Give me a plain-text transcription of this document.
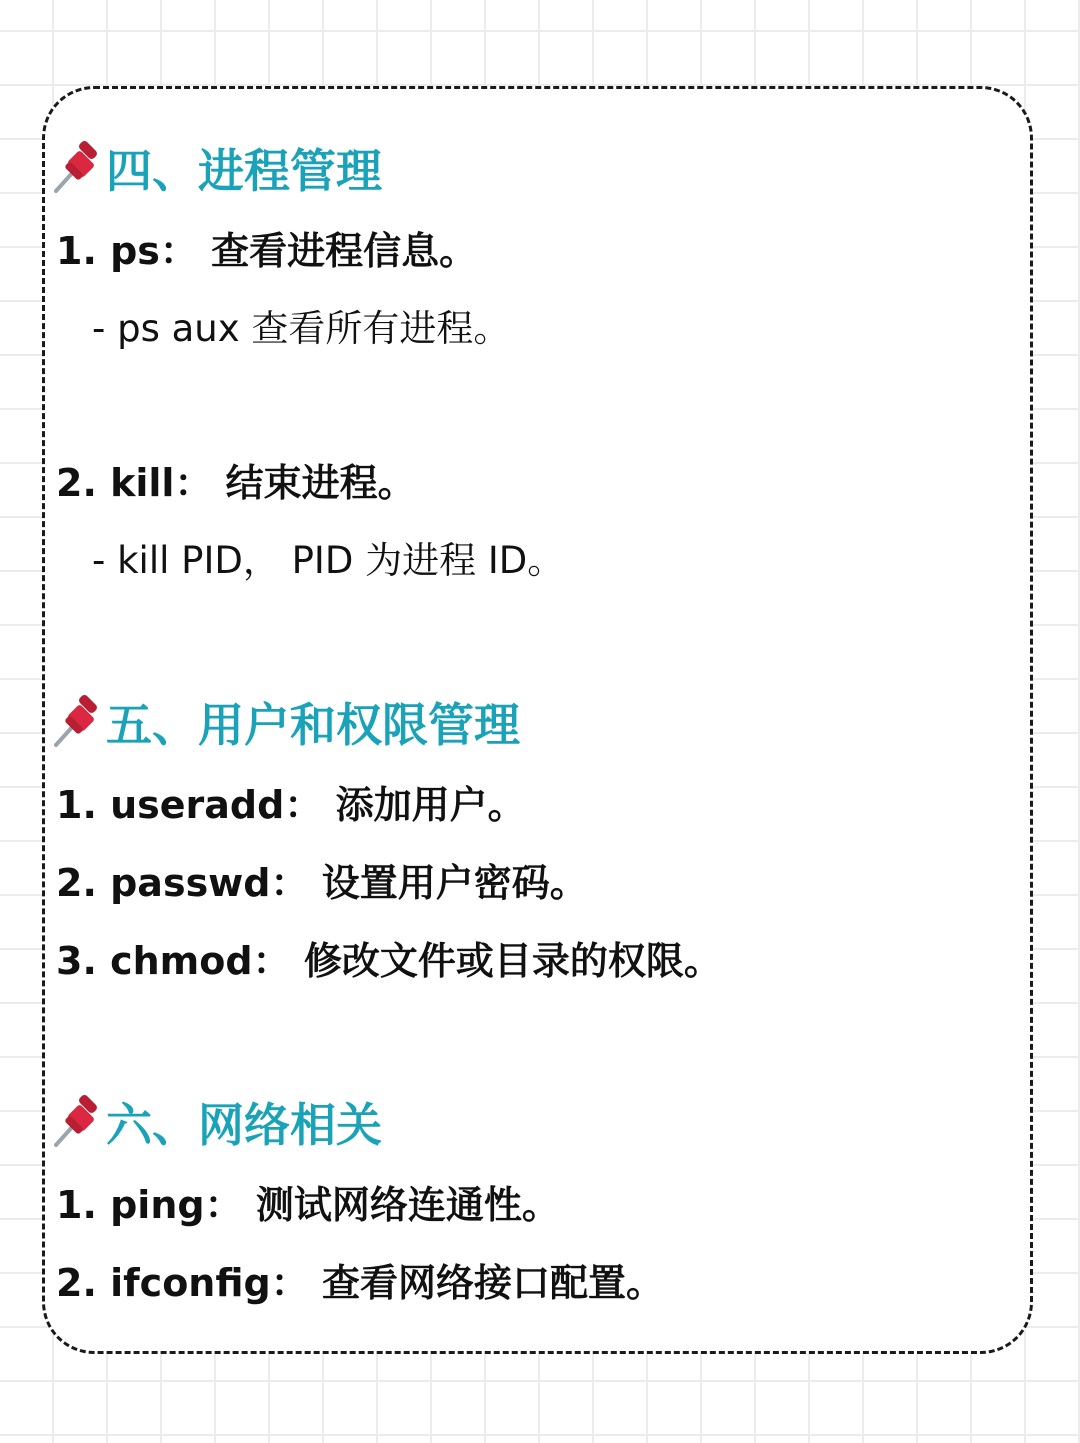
四、进程管理
1. ps： 查看进程信息。
- ps aux 查看所有进程。
2. kill： 结束进程。
- kill PID， PID 为进程 ID。
五、用户和权限管理
1. useradd： 添加用户。
2. passwd： 设置用户密码。
3. chmod： 修改文件或目录的权限。
六、网络相关
1. ping： 测试网络连通性。
2. ifconfig： 查看网络接口配置。
